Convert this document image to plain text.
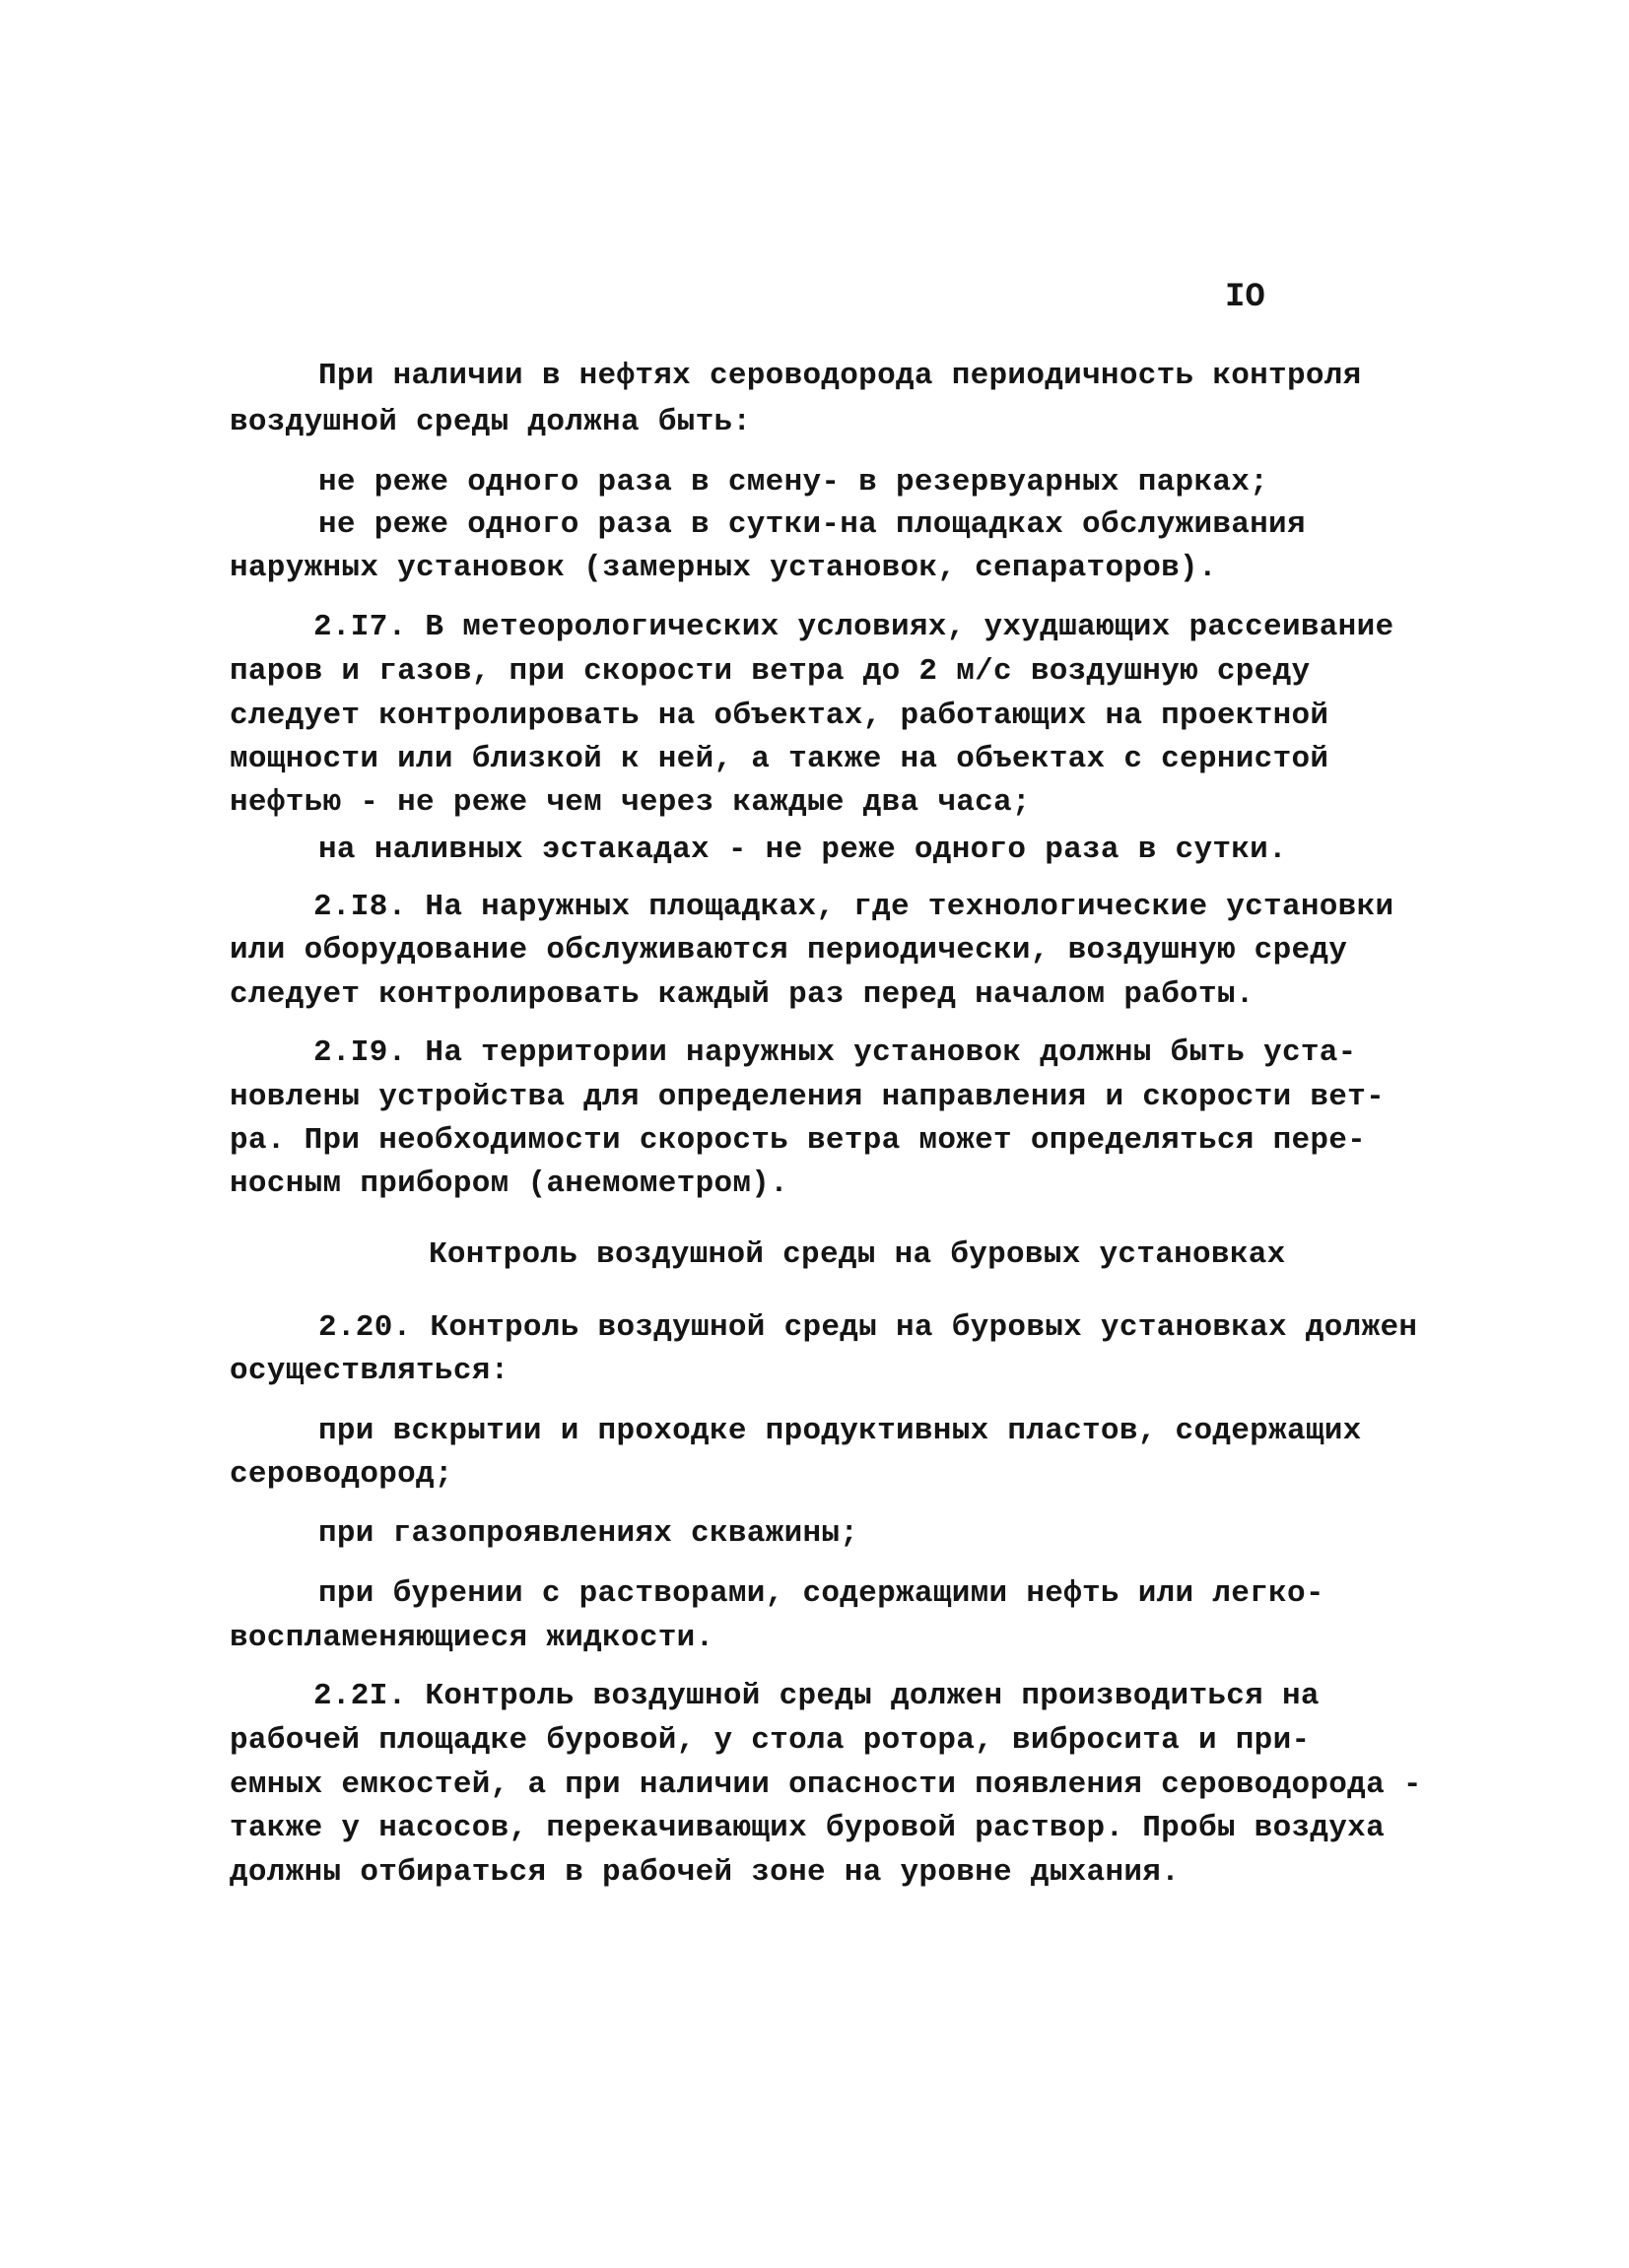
IO
При наличии в нефтях сероводорода периодичность контроля
воздушной среды должна быть:
не реже одного раза в смену- в резервуарных парках;
не реже одного раза в сутки-на площадках обслуживания
наружных установок (замерных установок, сепараторов).
2.I7. В метеорологических условиях, ухудшающих рассеивание
паров и газов, при скорости ветра до 2 м/с воздушную среду
следует контролировать на объектах, работающих на проектной
мощности или близкой к ней, а также на объектах с сернистой
нефтью - не реже чем через каждые два часа;
на наливных эстакадах - не реже одного раза в сутки.
2.I8. На наружных площадках, где технологические установки
или оборудование обслуживаются периодически, воздушную среду
следует контролировать каждый раз перед началом работы.
2.I9. На территории наружных установок должны быть уста-
новлены устройства для определения направления и скорости вет-
ра. При необходимости скорость ветра может определяться пере-
носным прибором (анемометром).
Контроль воздушной среды на буровых установках
2.20. Контроль воздушной среды на буровых установках должен
осуществляться:
при вскрытии и проходке продуктивных пластов, содержащих
сероводород;
при газопроявлениях скважины;
при бурении с растворами, содержащими нефть или легко-
воспламеняющиеся жидкости.
2.2I. Контроль воздушной среды должен производиться на
рабочей площадке буровой, у стола ротора, вибросита и при-
емных емкостей, а при наличии опасности появления сероводорода -
также у насосов, перекачивающих буровой раствор. Пробы воздуха
должны отбираться в рабочей зоне на уровне дыхания.
